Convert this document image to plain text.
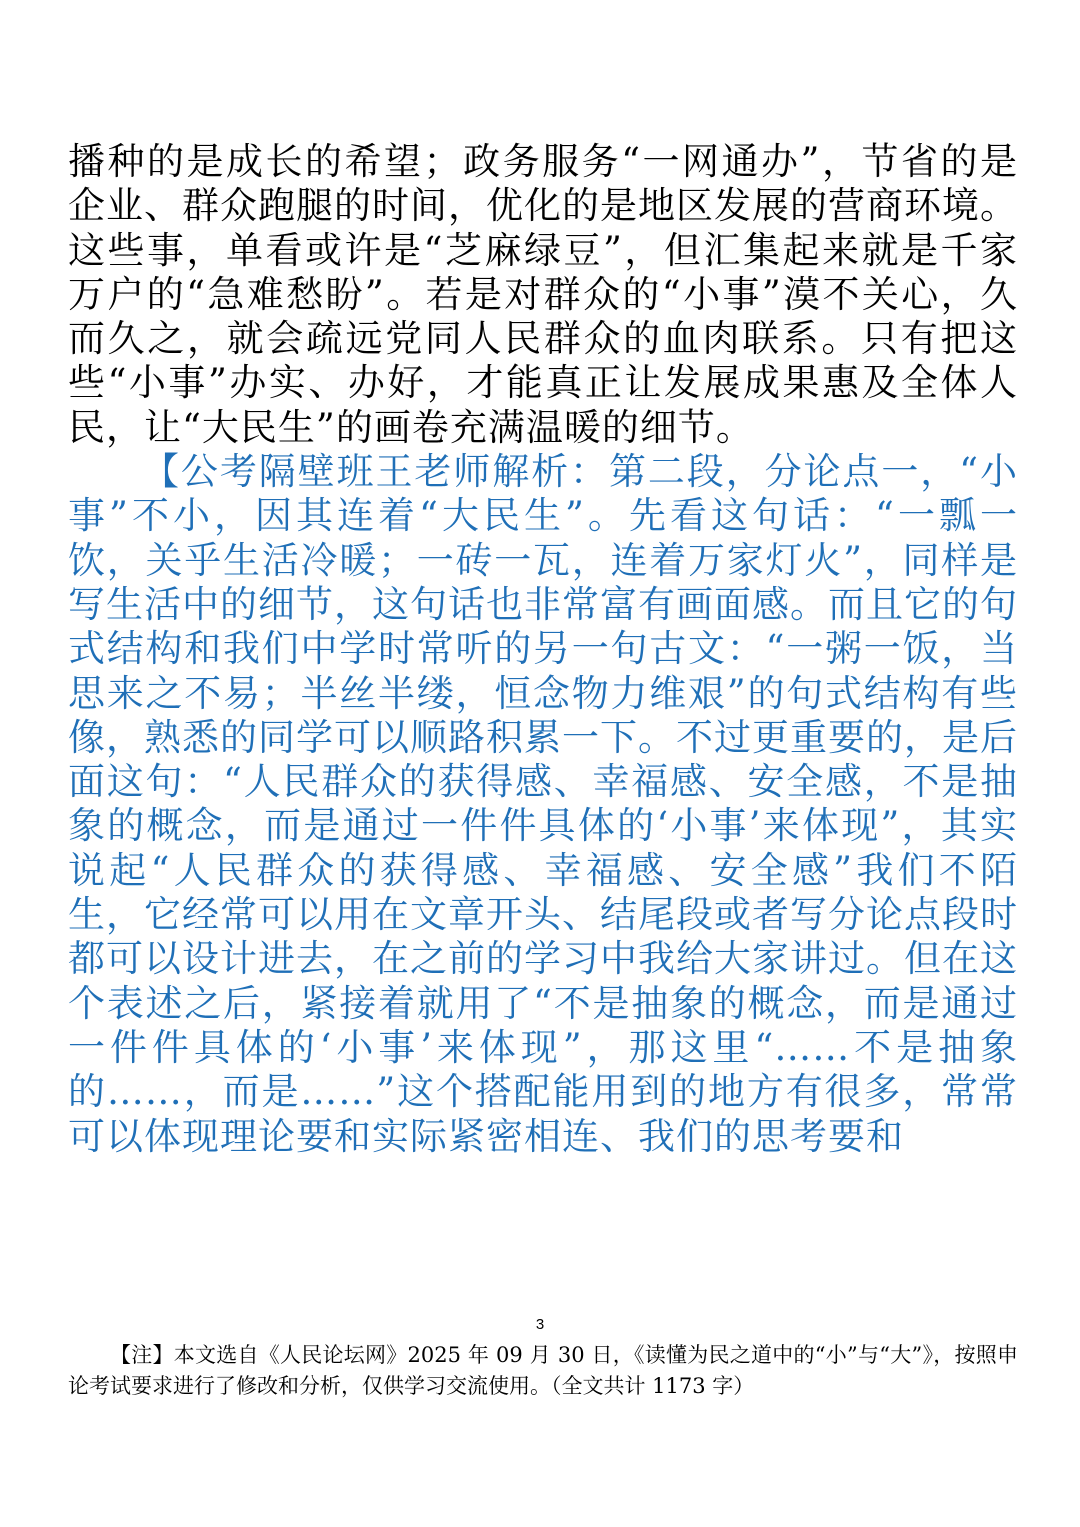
播种的是成长的希望；政务服务“一网通办”，节省的是企业、群众跑腿的时间，优化的是地区发展的营商环境。这些事，单看或许是“芝麻绿豆”，但汇集起来就是千家万户的“急难愁盼”。若是对群众的“小事”漠不关心，久而久之，就会疏远党同人民群众的血肉联系。只有把这些“小事”办实、办好，才能真正让发展成果惠及全体人民，让“大民生”的画卷充满温暖的细节。

【公考隔壁班王老师解析：第二段，分论点一，“小事”不小，因其连着“大民生”。先看这句话：“一瓢一饮，关乎生活冷暖；一砖一瓦，连着万家灯火”，同样是写生活中的细节，这句话也非常富有画面感。而且它的句式结构和我们中学时常听的另一句古文：“一粥一饭，当思来之不易；半丝半缕，恒念物力维艰”的句式结构有些像，熟悉的同学可以顺路积累一下。不过更重要的，是后面这句：“人民群众的获得感、幸福感、安全感，不是抽象的概念，而是通过一件件具体的‘小事’来体现”，其实说起“人民群众的获得感、幸福感、安全感”我们不陌生，它经常可以用在文章开头、结尾段或者写分论点段时都可以设计进去，在之前的学习中我给大家讲过。但在这个表述之后，紧接着就用了“不是抽象的概念，而是通过一件件具体的‘小事’来体现”，那这里“……不是抽象的……，而是……”这个搭配能用到的地方有很多，常常可以体现理论要和实际紧密相连、我们的思考要和

3
【注】本文选自《人民论坛网》2025 年 09 月 30 日，《读懂为民之道中的“小”与“大”》，按照申论考试要求进行了修改和分析，仅供学习交流使用。（全文共计 1173 字）
